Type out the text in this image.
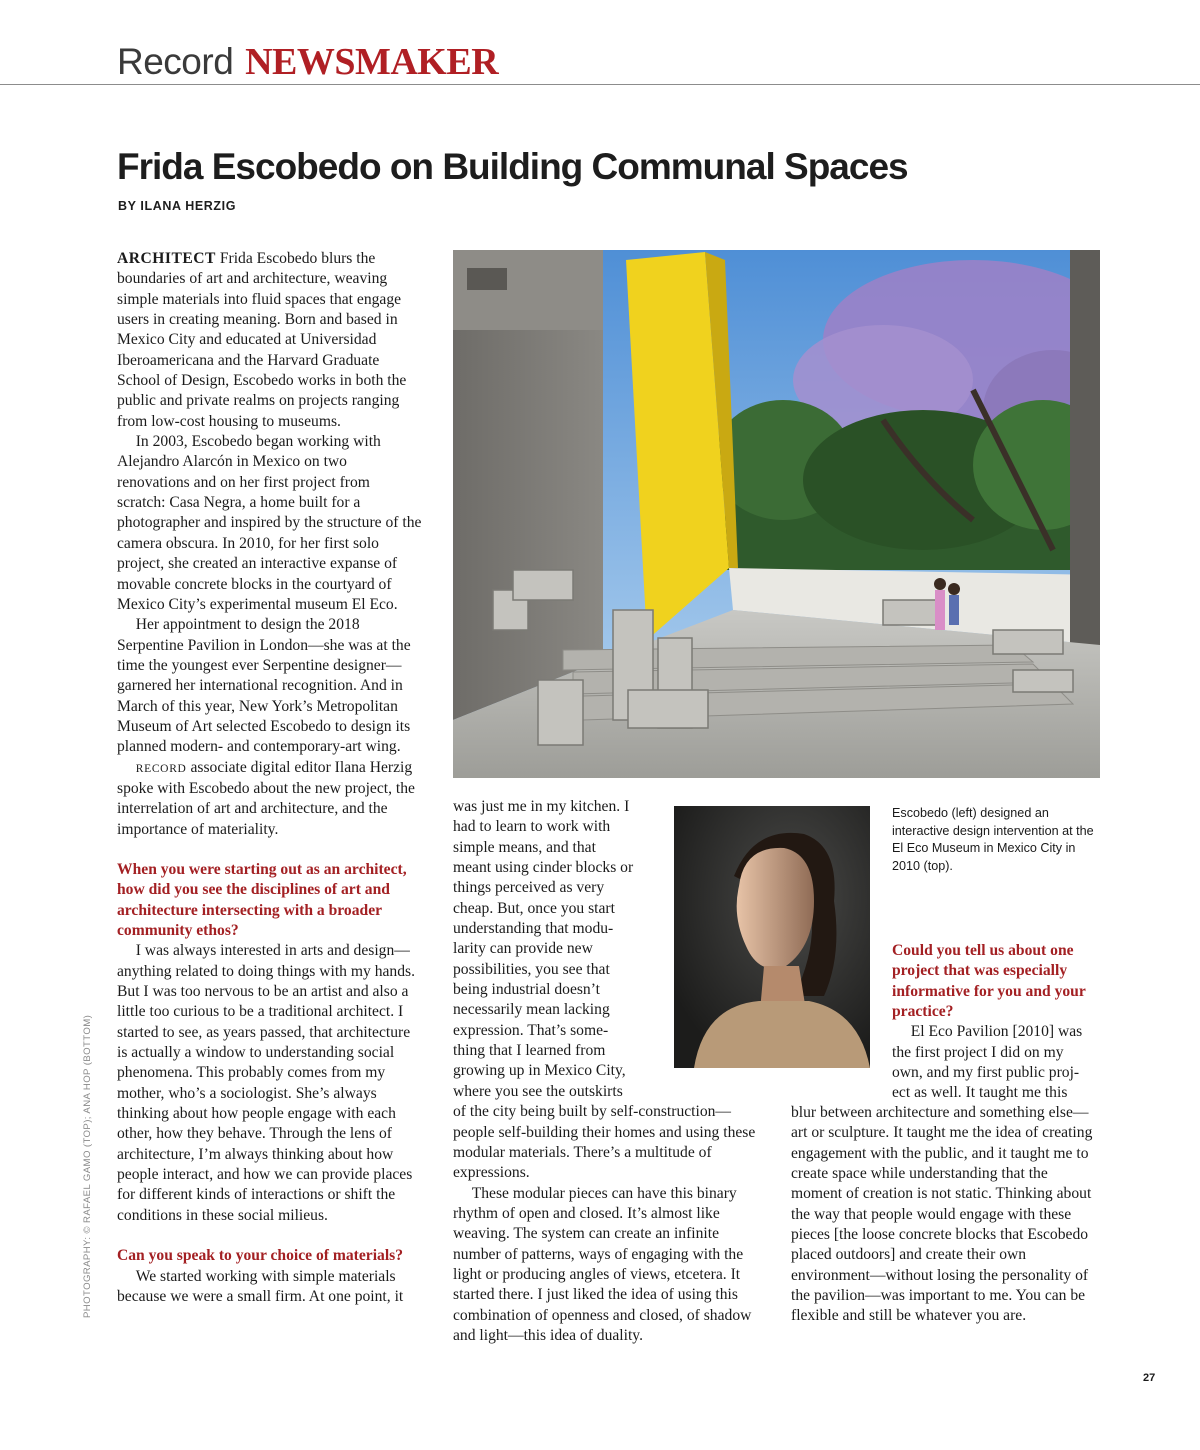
Record NEWSMAKER
Frida Escobedo on Building Communal Spaces
BY ILANA HERZIG

ARCHITECT Frida Escobedo blurs the boundaries of art and architecture, weaving simple materials into fluid spaces that engage users in creating meaning. Born and based in Mexico City and educated at Universidad Iberoamericana and the Harvard Graduate School of Design, Escobedo works in both the public and private realms on projects ranging from low-cost housing to museums.

In 2003, Escobedo began working with Alejandro Alarcón in Mexico on two renovations and on her first project from scratch: Casa Negra, a home built for a photographer and inspired by the structure of the camera obscura. In 2010, for her first solo project, she created an interactive expanse of movable concrete blocks in the courtyard of Mexico City’s experimental museum El Eco.

Her appointment to design the 2018 Serpentine Pavilion in London—she was at the time the youngest ever Serpentine designer—garnered her international recognition. And in March of this year, New York’s Metropolitan Museum of Art selected Escobedo to design its planned modern- and contemporary-art wing.

RECORD associate digital editor Ilana Herzig spoke with Escobedo about the new project, the interrelation of art and architecture, and the importance of materiality.

When you were starting out as an architect, how did you see the disciplines of art and architecture intersecting with a broader community ethos?

I was always interested in arts and design—anything related to doing things with my hands. But I was too nervous to be an artist and also a little too curious to be a traditional architect. I started to see, as years passed, that architecture is actually a window to understanding social phenomena. This probably comes from my mother, who’s a sociologist. She’s always thinking about how people engage with each other, how they behave. Through the lens of architecture, I’m always thinking about how people interact, and how we can provide places for different kinds of interactions or shift the conditions in these social milieus.

Can you speak to your choice of materials?

We started working with simple materials because we were a small firm. At one point, it

was just me in my kitchen. I
had to learn to work with
simple means, and that
meant using cinder blocks or
things perceived as very
cheap. But, once you start
understanding that modu-
larity can provide new
possibilities, you see that
being industrial doesn’t
necessarily mean lacking
expression. That’s some-
thing that I learned from
growing up in Mexico City,
where you see the outskirts

of the city being built by self-construction—people self-building their homes and using these modular materials. There’s a multitude of expressions.

These modular pieces can have this binary rhythm of open and closed. It’s almost like weaving. The system can create an infinite number of patterns, ways of engaging with the light or producing angles of views, etcetera. It started there. I just liked the idea of using this combination of openness and closed, of shadow and light—this idea of duality.

Escobedo (left) designed an interactive design intervention at the El Eco Museum in Mexico City in 2010 (top).
Could you tell us about one project that was especially informative for you and your practice?
El Eco Pavilion [2010] was
the first project I did on my
own, and my first public proj-
ect as well. It taught me this

blur between architecture and something else—art or sculpture. It taught me the idea of creating engagement with the public, and it taught me to create space while understanding that the moment of creation is not static. Thinking about the way that people would engage with these pieces [the loose concrete blocks that Escobedo placed outdoors] and create their own environment—without losing the personality of the pavilion—was important to me. You can be flexible and still be whatever you are.

PHOTOGRAPHY: © RAFAEL GAMO (TOP); ANA HOP (BOTTOM)
27
